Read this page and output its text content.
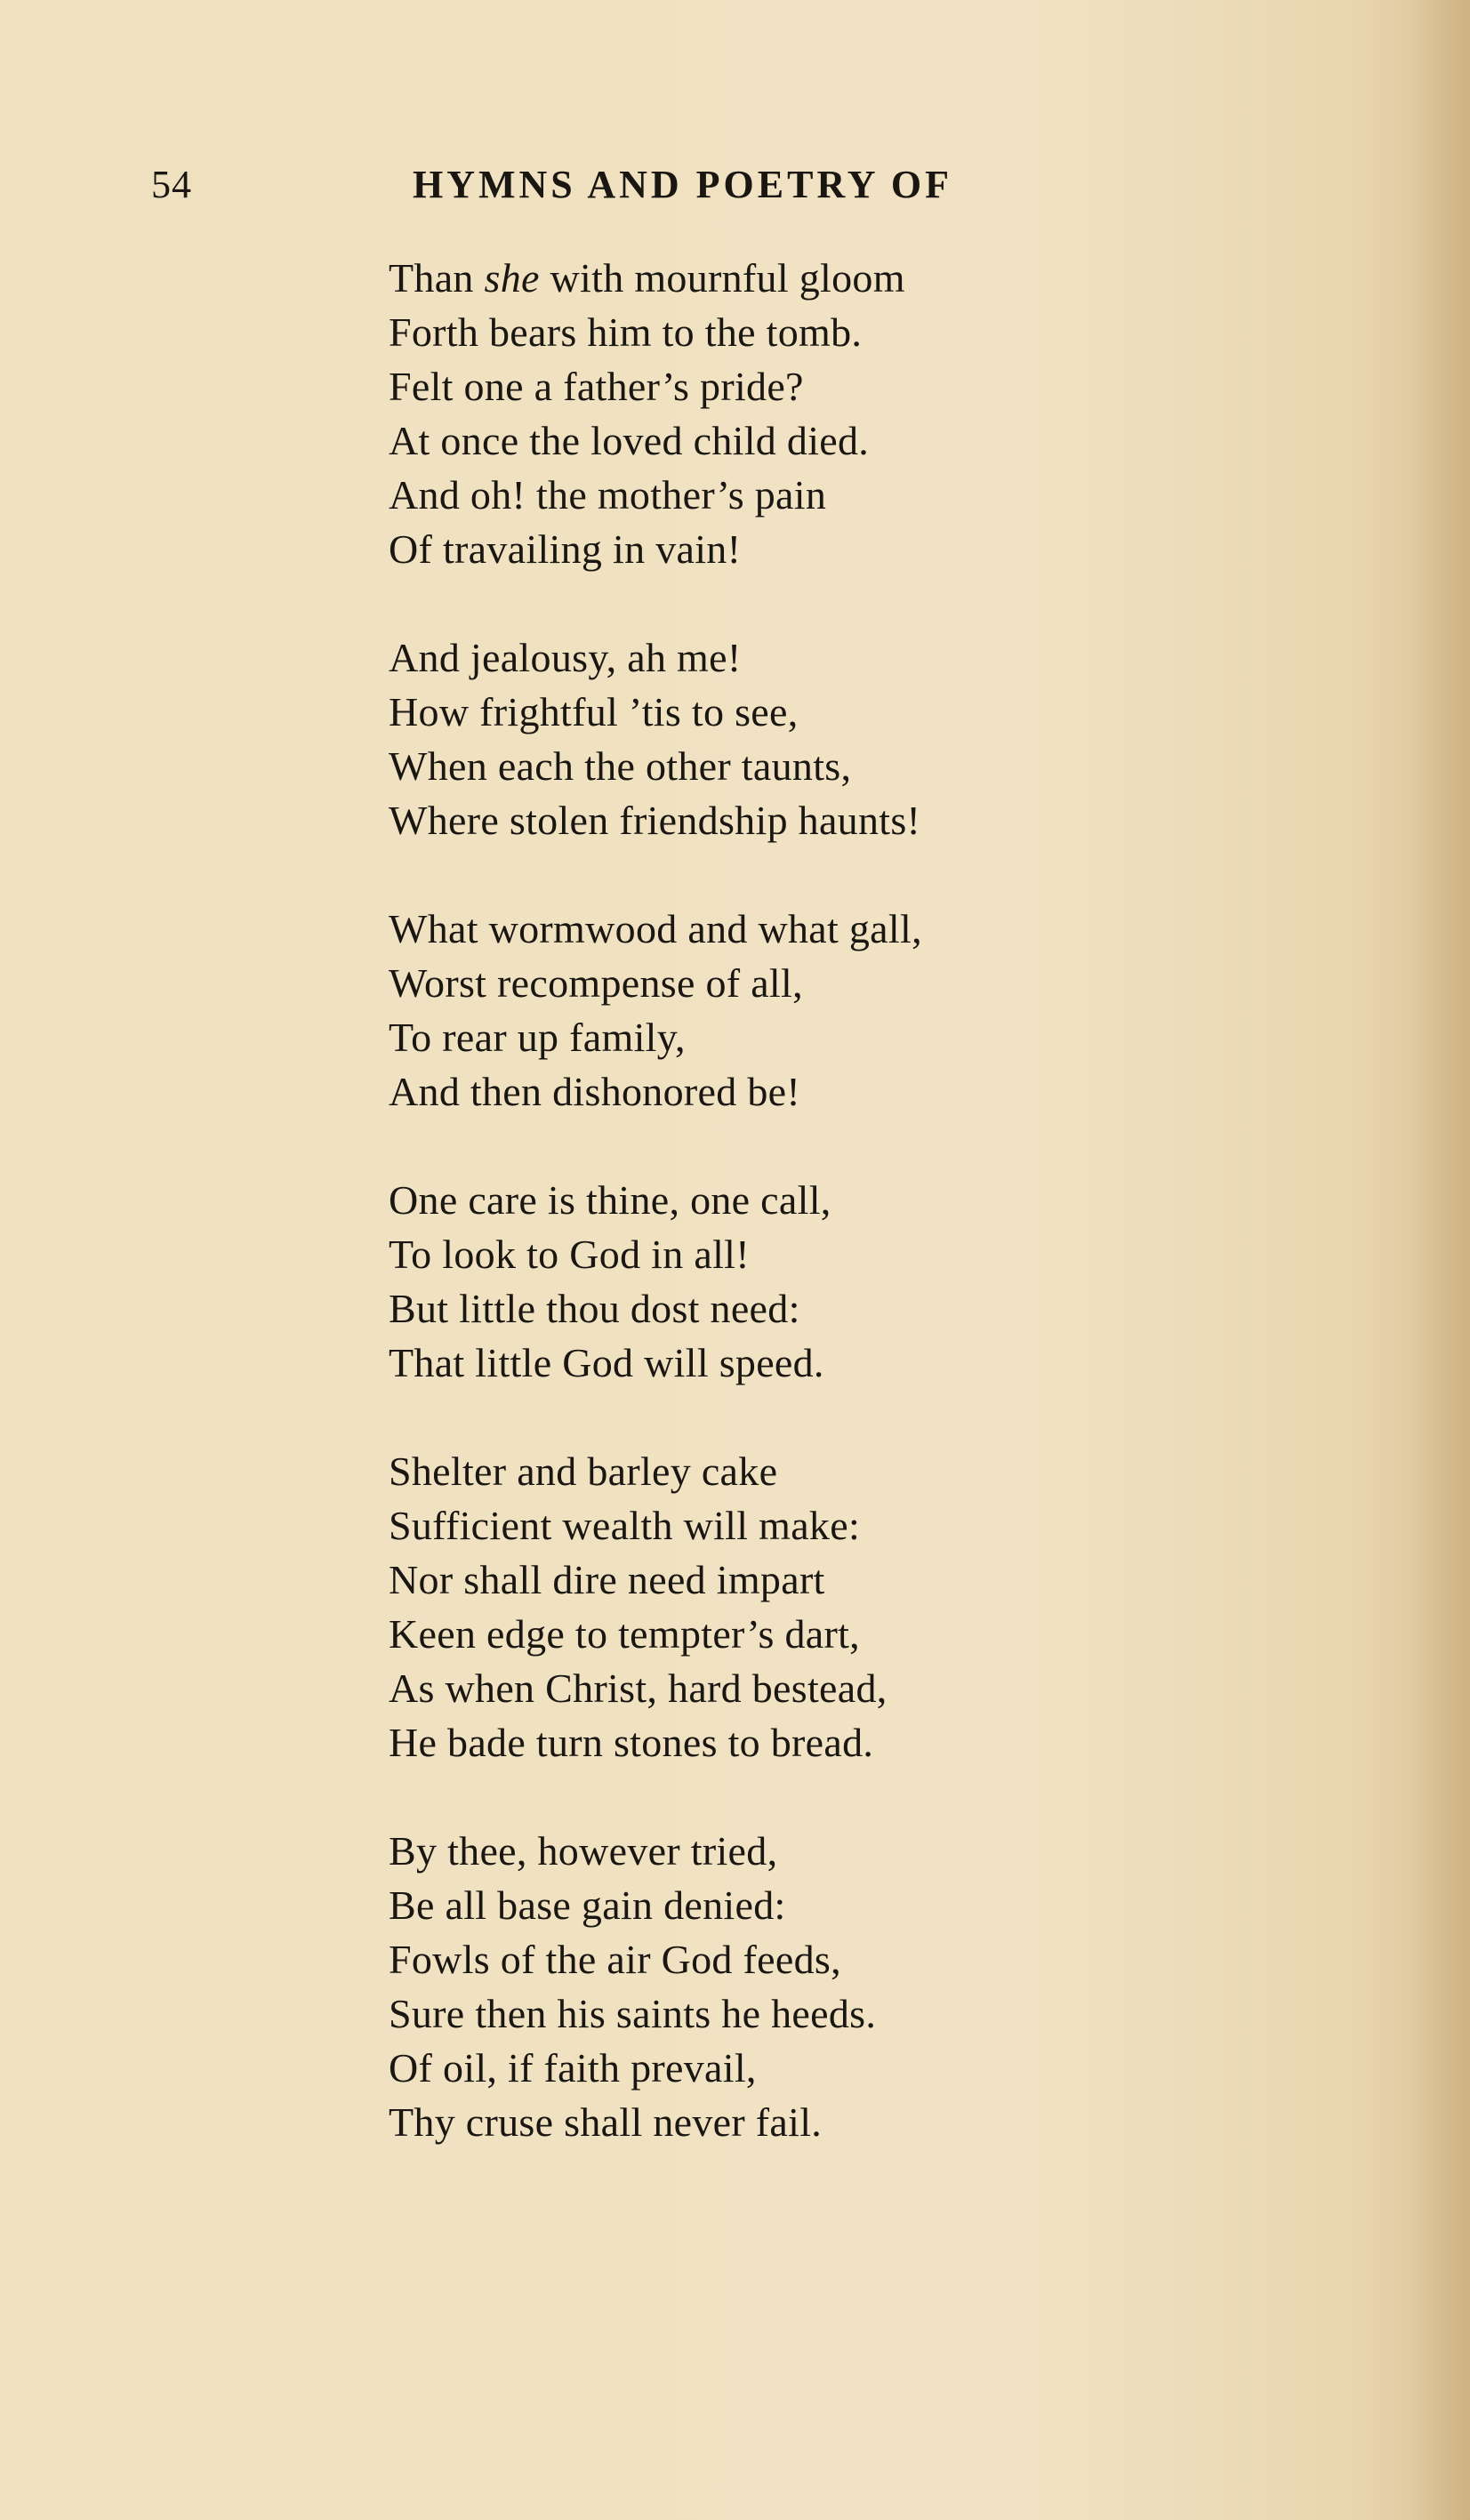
54	HYMNS AND POETRY OF
Than she with mournful gloom
Forth bears him to the tomb.
Felt one a father’s pride?
At once the loved child died.
And oh! the mother’s pain
Of travailing in vain!
And jealousy, ah me!
How frightful ’tis to see,
When each the other taunts,
Where stolen friendship haunts!
What wormwood and what gall,
Worst recompense of all,
To rear up family,
And then dishonored be!
One care is thine, one call,
To look to God in all!
But little thou dost need:
That little God will speed.
Shelter and barley cake
Sufficient wealth will make:
Nor shall dire need impart
Keen edge to tempter’s dart,
As when Christ, hard bestead,
He bade turn stones to bread.
By thee, however tried,
Be all base gain denied:
Fowls of the air God feeds,
Sure then his saints he heeds.
Of oil, if faith prevail,
Thy cruse shall never fail.
